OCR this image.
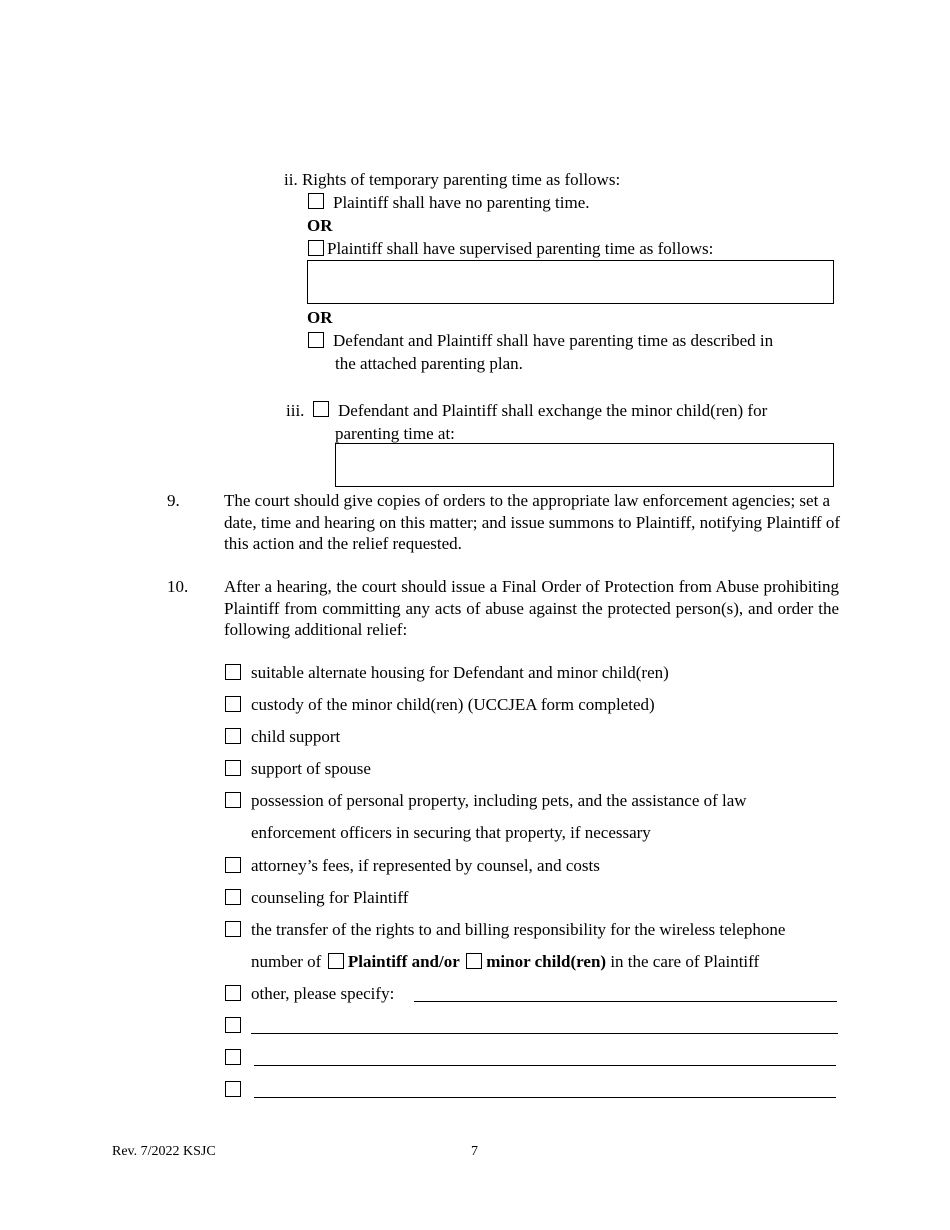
ii. Rights of temporary parenting time as follows:
Plaintiff shall have no parenting time.
OR
Plaintiff shall have supervised parenting time as follows:
OR
Defendant and Plaintiff shall have parenting time as described in
the attached parenting plan.
iii. Defendant and Plaintiff shall exchange the minor child(ren) for
parenting time at:
9.	The court should give copies of orders to the appropriate law enforcement agencies; set a date, time and hearing on this matter; and issue summons to Plaintiff, notifying Plaintiff of this action and the relief requested.
10. After a hearing, the court should issue a Final Order of Protection from Abuse prohibiting Plaintiff from committing any acts of abuse against the protected person(s), and order the following additional relief:
suitable alternate housing for Defendant and minor child(ren)
custody of the minor child(ren) (UCCJEA form completed)
child support
support of spouse
possession of personal property, including pets, and the assistance of law
enforcement officers in securing that property, if necessary
attorney’s fees, if represented by counsel, and costs
counseling for Plaintiff
the transfer of the rights to and billing responsibility for the wireless telephone
number of Plaintiff and/or minor child(ren) in the care of Plaintiff
other, please specify:
Rev. 7/2022 KSJC	7
